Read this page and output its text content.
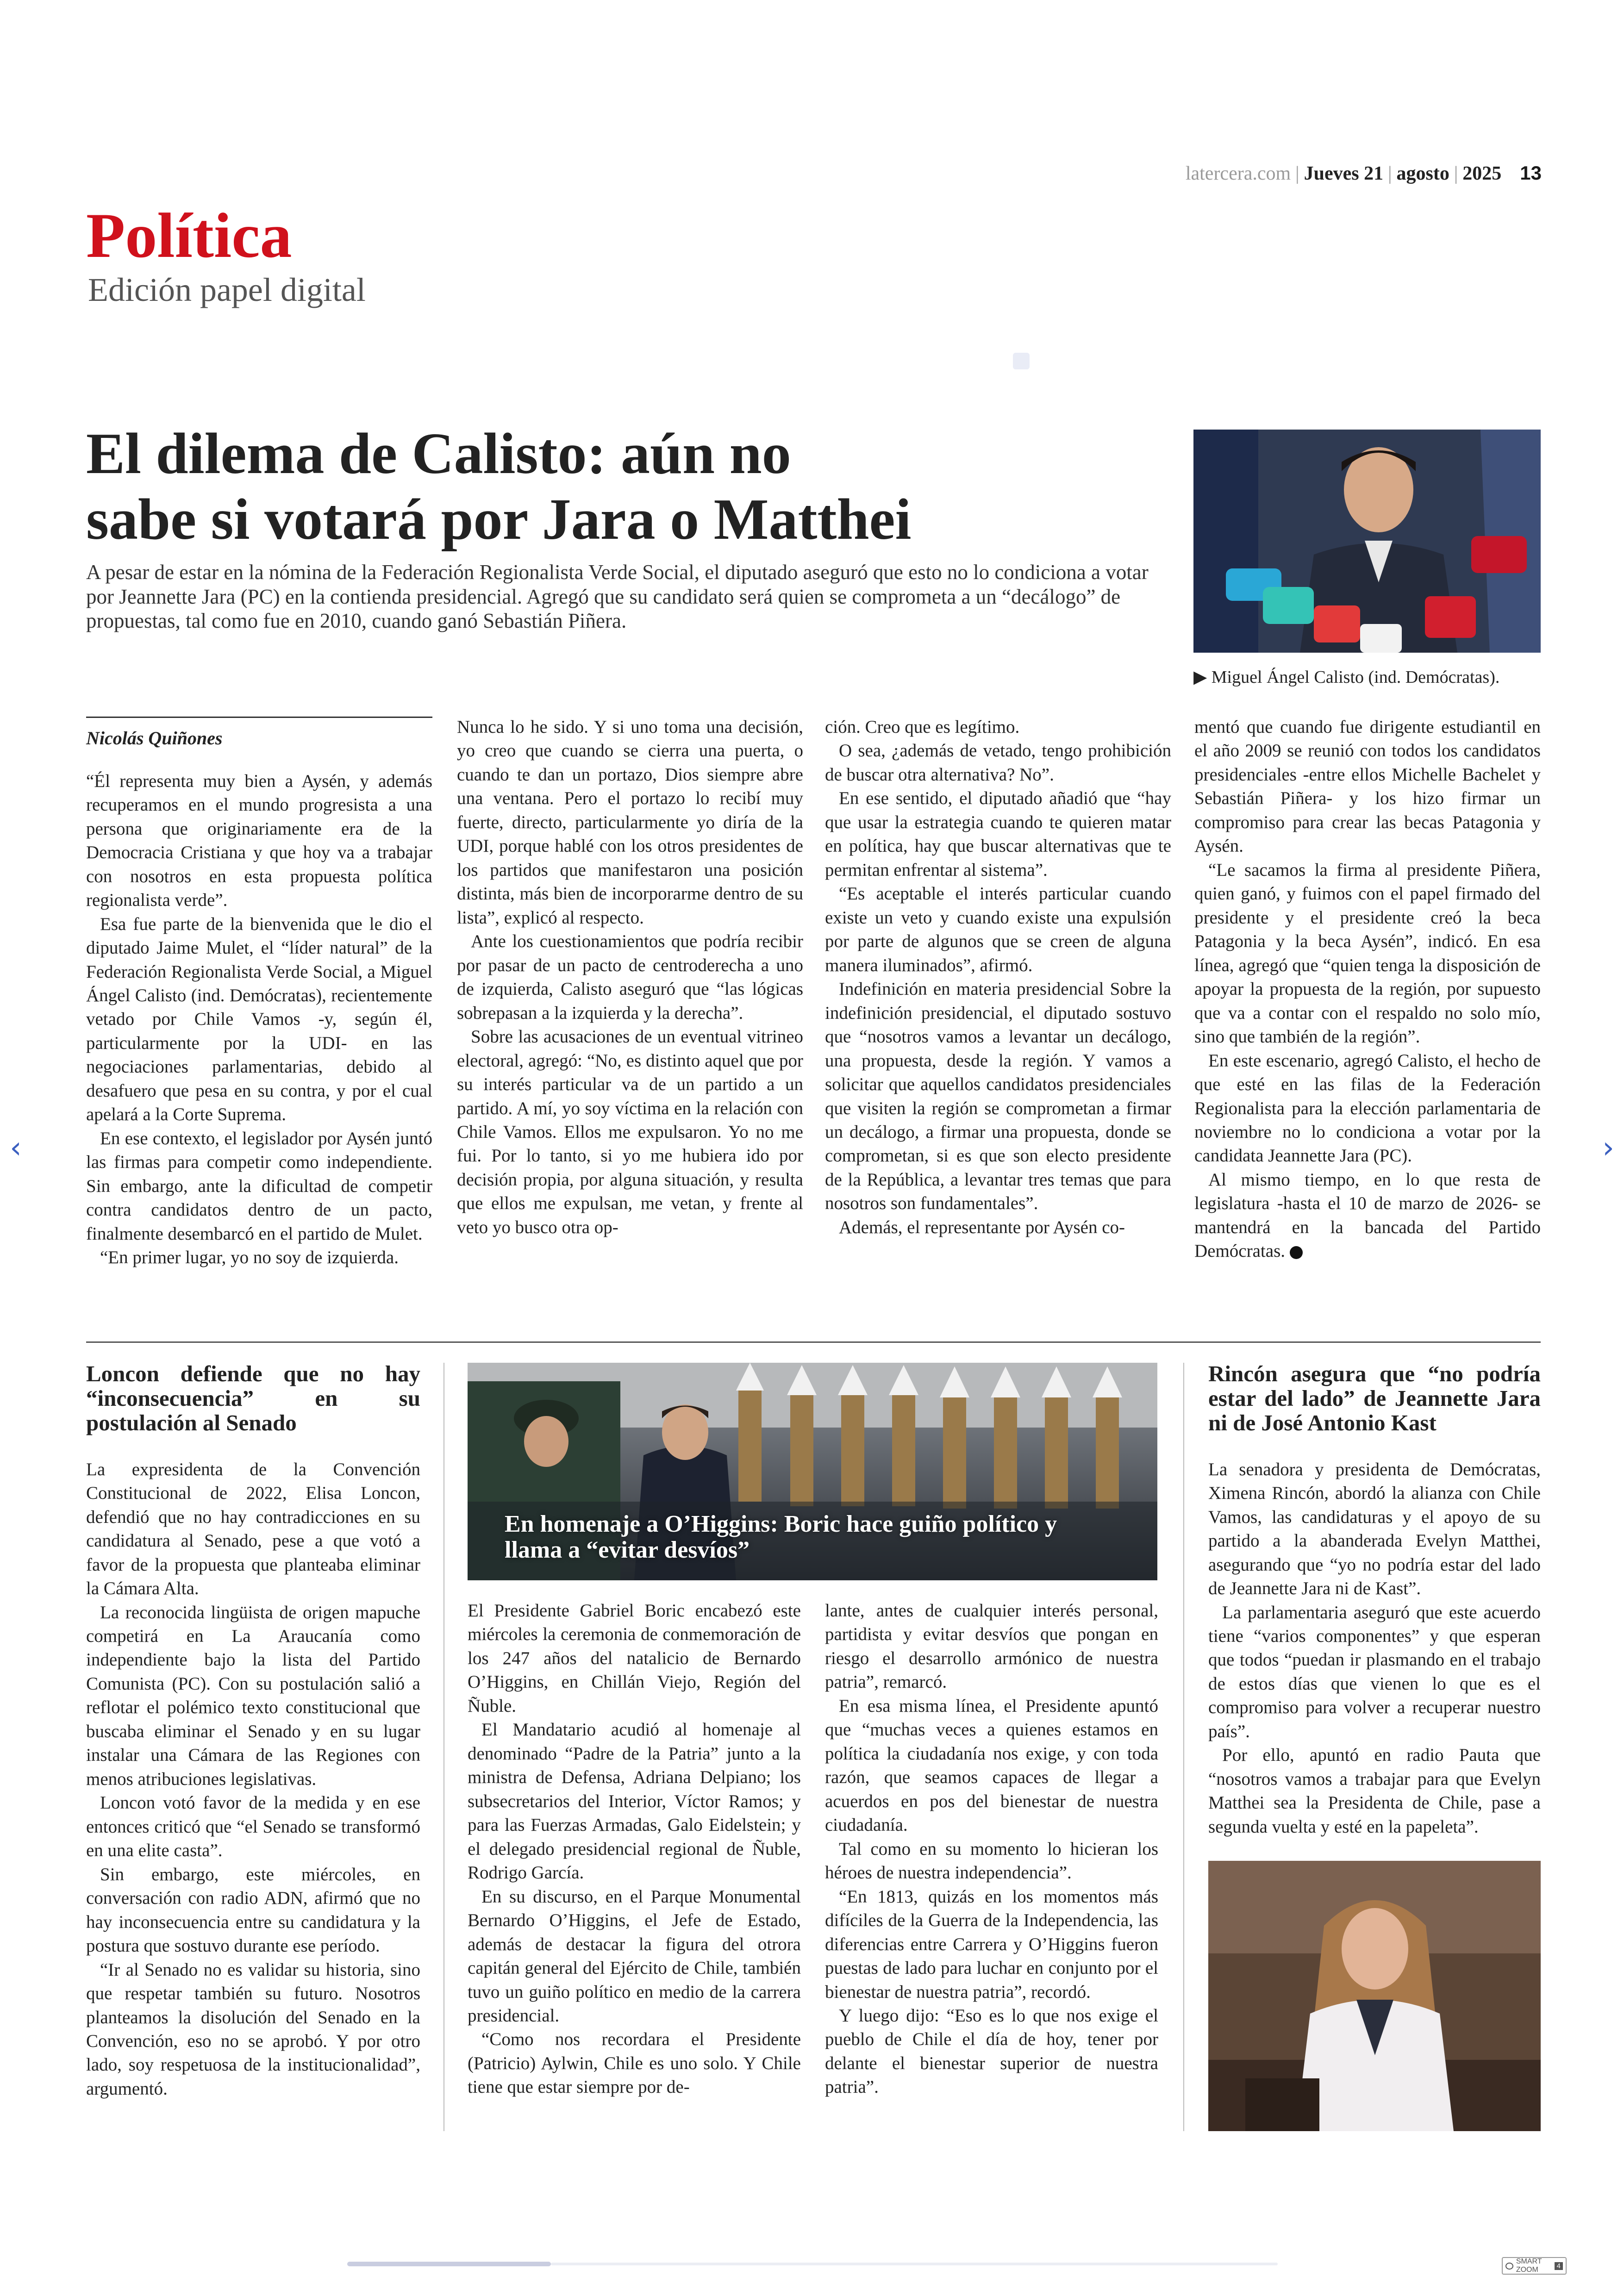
latercera.com | Jueves 21 | agosto | 2025 13
Política
Edición papel digital
El dilema de Calisto: aún no
sabe si votará por Jara o Matthei

A pesar de estar en la nómina de la Federación Regionalista Verde Social, el diputado aseguró que esto no lo condiciona a votar por Jeannette Jara (PC) en la contienda presidencial. Agregó que su candidato será quien se comprometa a un “decálogo” de propuestas, tal como fue en 2010, cuando ganó Sebastián Piñera.

▶ Miguel Ángel Calisto (ind. Demócratas).

Nicolás Quiñones

“Él representa muy bien a Aysén, y además recuperamos en el mundo progresista a una persona que originariamente era de la Democracia Cristiana y que hoy va a trabajar con nosotros en esta propuesta política regionalista verde”.

Esa fue parte de la bienvenida que le dio el diputado Jaime Mulet, el “líder natural” de la Federación Regionalista Verde Social, a Miguel Ángel Calisto (ind. Demócratas), recientemente vetado por Chile Vamos -y, según él, particularmente por la UDI- en las negociaciones parlamentarias, debido al desafuero que pesa en su contra, y por el cual apelará a la Corte Suprema.

En ese contexto, el legislador por Aysén juntó las firmas para competir como independiente. Sin embargo, ante la dificultad de competir contra candidatos dentro de un pacto, finalmente desembarcó en el partido de Mulet.

“En primer lugar, yo no soy de izquierda.

Nunca lo he sido. Y si uno toma una decisión, yo creo que cuando se cierra una puerta, o cuando te dan un portazo, Dios siempre abre una ventana. Pero el portazo lo recibí muy fuerte, directo, particularmente yo diría de la UDI, porque hablé con los otros presidentes de los partidos que manifestaron una posición distinta, más bien de incorporarme dentro de su lista”, explicó al respecto.

Ante los cuestionamientos que podría recibir por pasar de un pacto de centroderecha a uno de izquierda, Calisto aseguró que “las lógicas sobrepasan a la izquierda y la derecha”.

Sobre las acusaciones de un eventual vitrineo electoral, agregó: “No, es distinto aquel que por su interés particular va de un partido a un partido. A mí, yo soy víctima en la relación con Chile Vamos. Ellos me expulsaron. Yo no me fui. Por lo tanto, si yo me hubiera ido por decisión propia, por alguna situación, y resulta que ellos me expulsan, me vetan, y frente al veto yo busco otra op-

ción. Creo que es legítimo.

O sea, ¿además de vetado, tengo prohibición de buscar otra alternativa? No”.

En ese sentido, el diputado añadió que “hay que usar la estrategia cuando te quieren matar en política, hay que buscar alternativas que te permitan enfrentar al sistema”.

“Es aceptable el interés particular cuando existe un veto y cuando existe una expulsión por parte de algunos que se creen de alguna manera iluminados”, afirmó.

Indefinición en materia presidencial Sobre la indefinición presidencial, el diputado sostuvo que “nosotros vamos a levantar un decálogo, una propuesta, desde la región. Y vamos a solicitar que aquellos candidatos presidenciales que visiten la región se comprometan a firmar un decálogo, a firmar una propuesta, donde se comprometan, si es que son electo presidente de la República, a levantar tres temas que para nosotros son fundamentales”.

Además, el representante por Aysén co-

mentó que cuando fue dirigente estudiantil en el año 2009 se reunió con todos los candidatos presidenciales -entre ellos Michelle Bachelet y Sebastián Piñera- y los hizo firmar un compromiso para crear las becas Patagonia y Aysén.

“Le sacamos la firma al presidente Piñera, quien ganó, y fuimos con el papel firmado del presidente y el presidente creó la beca Patagonia y la beca Aysén”, indicó. En esa línea, agregó que “quien tenga la disposición de apoyar la propuesta de la región, por supuesto que va a contar con el respaldo no solo mío, sino que también de la región”.

En este escenario, agregó Calisto, el hecho de que esté en las filas de la Federación Regionalista para la elección parlamentaria de noviembre no lo condiciona a votar por la candidata Jeannette Jara (PC).

Al mismo tiempo, en lo que resta de legislatura -hasta el 10 de marzo de 2026- se mantendrá en la bancada del Partido Demócratas.

Loncon defiende que no hay “inconsecuencia” en su postulación al Senado

La expresidenta de la Convención Constitucional de 2022, Elisa Loncon, defendió que no hay contradicciones en su candidatura al Senado, pese a que votó a favor de la propuesta que planteaba eliminar la Cámara Alta.

La reconocida lingüista de origen mapuche competirá en La Araucanía como independiente bajo la lista del Partido Comunista (PC). Con su postulación salió a reflotar el polémico texto constitucional que buscaba eliminar el Senado y en su lugar instalar una Cámara de las Regiones con menos atribuciones legislativas.

Loncon votó favor de la medida y en ese entonces criticó que “el Senado se transformó en una elite casta”.

Sin embargo, este miércoles, en conversación con radio ADN, afirmó que no hay inconsecuencia entre su candidatura y la postura que sostuvo durante ese período.

“Ir al Senado no es validar su historia, sino que respetar también su futuro. Nosotros planteamos la disolución del Senado en la Convención, eso no se aprobó. Y por otro lado, soy respetuosa de la institucionalidad”, argumentó.

En homenaje a O’Higgins: Boric hace guiño político y llama a “evitar desvíos”

El Presidente Gabriel Boric encabezó este miércoles la ceremonia de conmemoración de los 247 años del natalicio de Bernardo O’Higgins, en Chillán Viejo, Región del Ñuble.

El Mandatario acudió al homenaje al denominado “Padre de la Patria” junto a la ministra de Defensa, Adriana Delpiano; los subsecretarios del Interior, Víctor Ramos; y para las Fuerzas Armadas, Galo Eidelstein; y el delegado presidencial regional de Ñuble, Rodrigo García.

En su discurso, en el Parque Monumental Bernardo O’Higgins, el Jefe de Estado, además de destacar la figura del otrora capitán general del Ejército de Chile, también tuvo un guiño político en medio de la carrera presidencial.

“Como nos recordara el Presidente (Patricio) Aylwin, Chile es uno solo. Y Chile tiene que estar siempre por de-

lante, antes de cualquier interés personal, partidista y evitar desvíos que pongan en riesgo el desarrollo armónico de nuestra patria”, remarcó.

En esa misma línea, el Presidente apuntó que “muchas veces a quienes estamos en política la ciudadanía nos exige, y con toda razón, que seamos capaces de llegar a acuerdos en pos del bienestar de nuestra ciudadanía.

Tal como en su momento lo hicieran los héroes de nuestra independencia”.

“En 1813, quizás en los momentos más difíciles de la Guerra de la Independencia, las diferencias entre Carrera y O’Higgins fueron puestas de lado para luchar en conjunto por el bienestar de nuestra patria”, recordó.

Y luego dijo: “Eso es lo que nos exige el pueblo de Chile el día de hoy, tener por delante el bienestar superior de nuestra patria”.

Rincón asegura que “no podría estar del lado” de Jeannette Jara ni de José Antonio Kast

La senadora y presidenta de Demócratas, Ximena Rincón, abordó la alianza con Chile Vamos, las candidaturas y el apoyo de su partido a la abanderada Evelyn Matthei, asegurando que “yo no podría estar del lado de Jeannette Jara ni de Kast”.

La parlamentaria aseguró que este acuerdo tiene “varios componentes” y que esperan que todos “puedan ir plasmando en el trabajo de estos días que vienen lo que es el compromiso para volver a recuperar nuestro país”.

Por ello, apuntó en radio Pauta que “nosotros vamos a trabajar para que Evelyn Matthei sea la Presidenta de Chile, pase a segunda vuelta y esté en la papeleta”.

‹	›
SMART ZOOM	4
